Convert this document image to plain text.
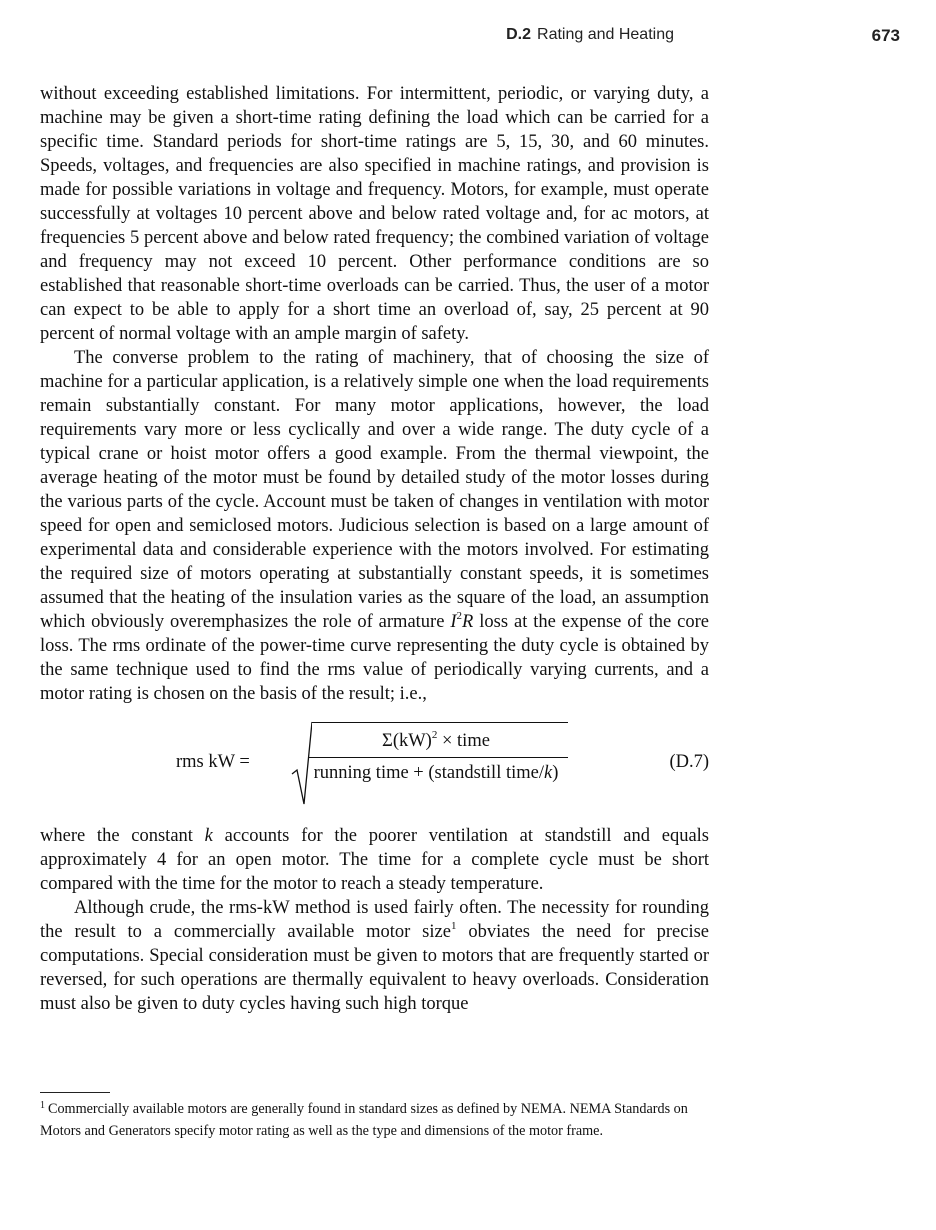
D.2 Rating and Heating	673

without exceeding established limitations. For intermittent, periodic, or varying duty, a machine may be given a short-time rating defining the load which can be carried for a specific time. Standard periods for short-time ratings are 5, 15, 30, and 60 minutes. Speeds, voltages, and frequencies are also specified in machine ratings, and provision is made for possible variations in voltage and frequency. Motors, for example, must operate successfully at voltages 10 percent above and below rated voltage and, for ac motors, at frequencies 5 percent above and below rated frequency; the combined variation of voltage and frequency may not exceed 10 percent. Other performance conditions are so established that reasonable short-time overloads can be carried. Thus, the user of a motor can expect to be able to apply for a short time an overload of, say, 25 percent at 90 percent of normal voltage with an ample margin of safety.

The converse problem to the rating of machinery, that of choosing the size of machine for a particular application, is a relatively simple one when the load requirements remain substantially constant. For many motor applications, however, the load requirements vary more or less cyclically and over a wide range. The duty cycle of a typical crane or hoist motor offers a good example. From the thermal viewpoint, the average heating of the motor must be found by detailed study of the motor losses during the various parts of the cycle. Account must be taken of changes in ventilation with motor speed for open and semiclosed motors. Judicious selection is based on a large amount of experimental data and considerable experience with the motors involved. For estimating the required size of motors operating at substantially constant speeds, it is sometimes assumed that the heating of the insulation varies as the square of the load, an assumption which obviously overemphasizes the role of armature $I^2R$ loss at the expense of the core loss. The rms ordinate of the power-time curve representing the duty cycle is obtained by the same technique used to find the rms value of periodically varying currents, and a motor rating is chosen on the basis of the result; i.e.,

rms kW =
Σ(kW)$^2$ × time
running time + (standstill time/k)
(D.7)

where the constant k accounts for the poorer ventilation at standstill and equals approximately 4 for an open motor. The time for a complete cycle must be short compared with the time for the motor to reach a steady temperature.

Although crude, the rms-kW method is used fairly often. The necessity for rounding the result to a commercially available motor size$^1$ obviates the need for precise computations. Special consideration must be given to motors that are frequently started or reversed, for such operations are thermally equivalent to heavy overloads. Consideration must also be given to duty cycles having such high torque

$^1$ Commercially available motors are generally found in standard sizes as defined by NEMA. NEMA Standards on Motors and Generators specify motor rating as well as the type and dimensions of the motor frame.
